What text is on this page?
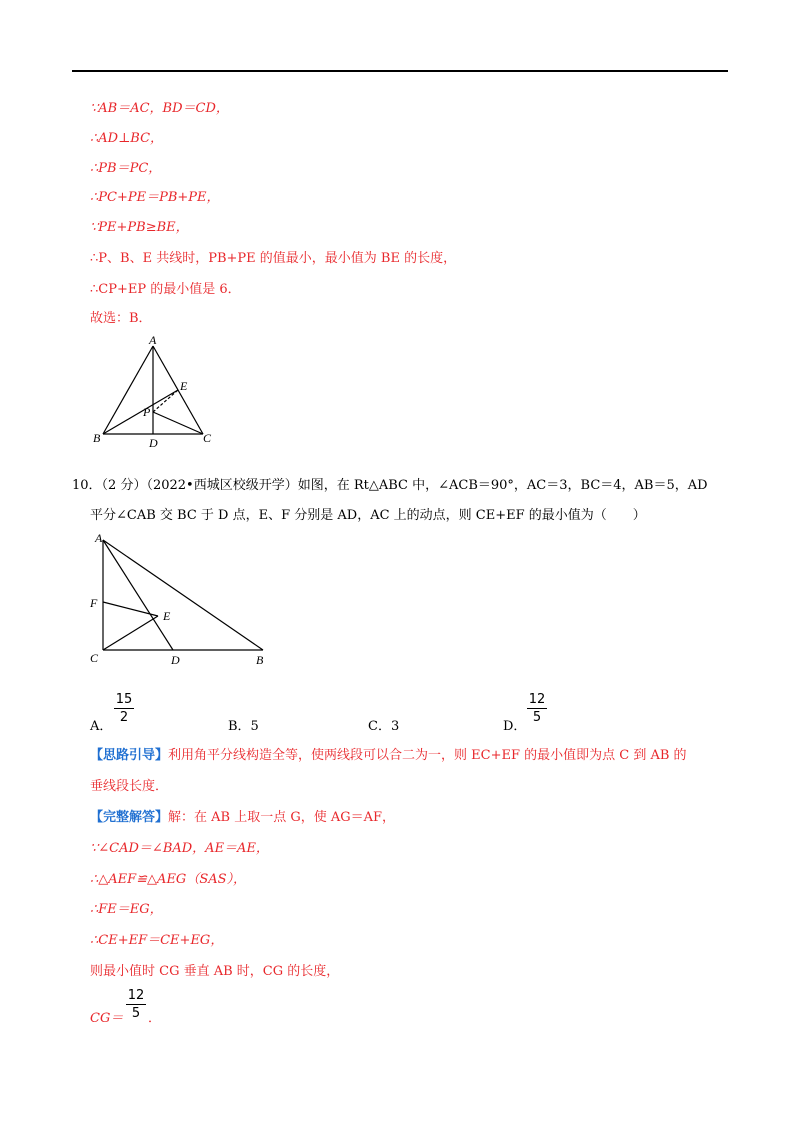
∵AB＝AC，BD＝CD，
∴AD⊥BC，
∴PB＝PC，
∴PC+PE＝PB+PE，
∵PE+PB≥BE，
∴P、B、E 共线时，PB+PE 的值最小，最小值为 BE 的长度，
∴CP+EP 的最小值是 6．
故选：B．
A
E
P
B	D	C
10．（2 分）（2022•西城区校级开学）如图，在 Rt△ABC 中，∠ACB＝90°，AC＝3，BC＝4，AB＝5，AD
平分∠CAB 交 BC 于 D 点，E、F 分别是 AD，AC 上的动点，则 CE+EF 的最小值为（　　）
A
F
E
C	D	B
A．
15
2
B．5	C．3	D．
12
5
【思路引导】利用角平分线构造全等，使两线段可以合二为一，则 EC+EF 的最小值即为点 C 到 AB 的
垂线段长度．
【完整解答】解：在 AB 上取一点 G，使 AG＝AF，
∵∠CAD＝∠BAD，AE＝AE，
∴△AEF≌△AEG（SAS），
∴FE＝EG，
∴CE+EF＝CE+EG，
则最小值时 CG 垂直 AB 时，CG 的长度，
CG＝
12
5 ．
